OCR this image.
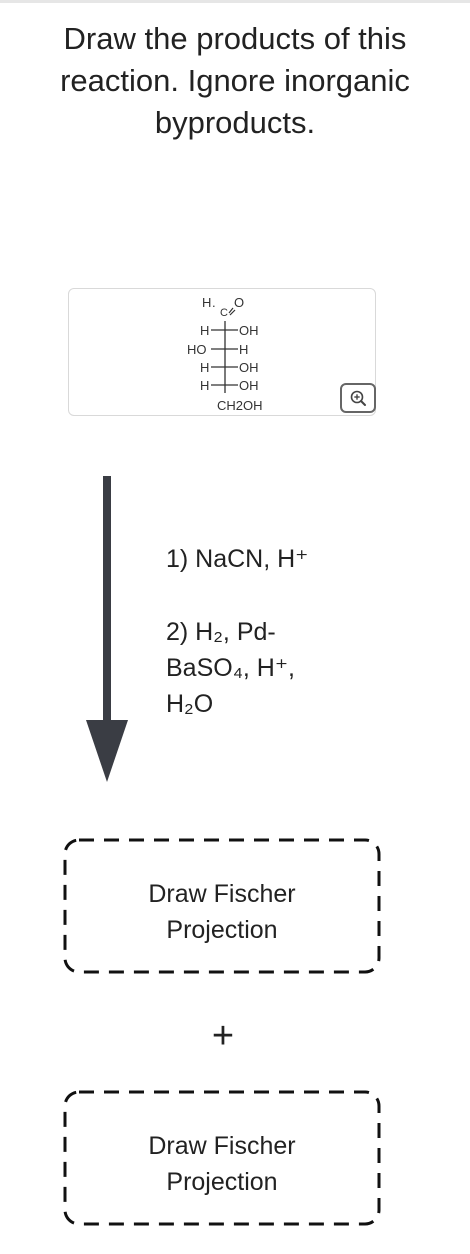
Draw the products of this
reaction. Ignore inorganic
byproducts.
H .
C
O
H OH
HO	H
H OH
H OH
CH2OH
1) NaCN, H⁺
2) H₂, Pd-
BaSO₄, H⁺,
H₂O
Draw Fischer
Projection
+
Draw Fischer
Projection
